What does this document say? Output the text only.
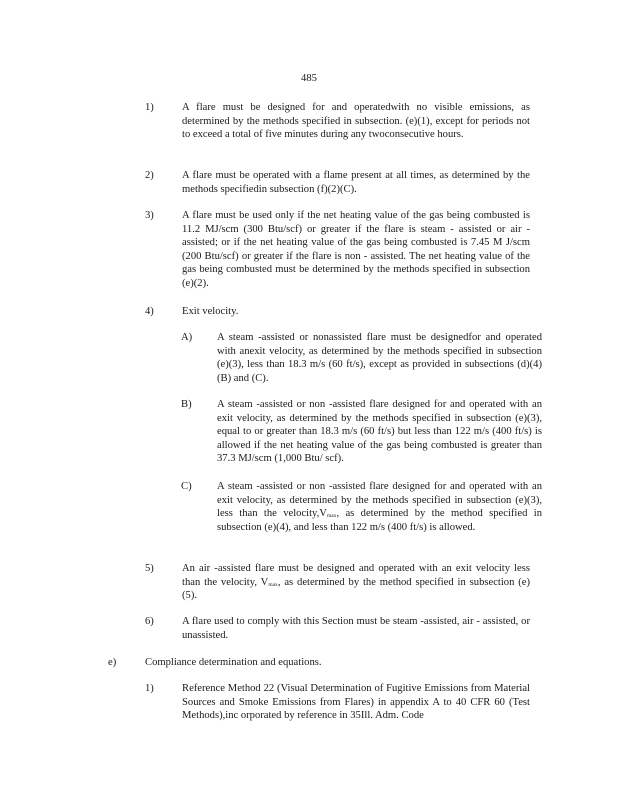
485
1)	A flare must be designed for and operatedwith no visible emissions, as determined by the methods specified in subsection. (e)(1), except for periods not to exceed a total of five minutes during any twoconsecutive hours.
2)	A flare must be operated with a flame present at all times, as determined by the methods specifiedin subsection (f)(2)(C).
3)	A flare must be used only if the net heating value of the gas being combusted is 11.2 MJ/scm (300 Btu/scf) or greater if the flare is steam - assisted or air -assisted; or if the net heating value of the gas being combusted is 7.45 M J/scm (200 Btu/scf) or greater if the flare is non - assisted. The net heating value of the gas being combusted must be determined by the methods specified in subsection (e)(2).
4)	Exit velocity.
A) A steam -assisted or nonassisted flare must be designedfor and operated with anexit velocity, as determined by the methods specified in subsection (e)(3), less than 18.3 m/s (60 ft/s), except as provided in subsections (d)(4)(B) and (C).
B) A steam -assisted or non -assisted flare designed for and operated with an exit velocity, as determined by the methods specified in subsection (e)(3), equal to or greater than 18.3 m/s (60 ft/s) but less than 122 m/s (400 ft/s) is allowed if the net heating value of the gas being combusted is greater than 37.3 MJ/scm (1,000 Btu/ scf).
C) A steam -assisted or non -assisted flare designed for and operated with an exit velocity, as determined by the methods specified in subsection (e)(3), less than the $velocity,V_{max}$, as determined by the method specified in subsection (e)(4), and less than 122 m/s (400 ft/s) is allowed.
5)	An air -assisted flare must be designed and operated with an exit velocity less than the velocity, $V_{max}$, as determined by the method specified in subsection (e)(5).
6)	A flare used to comply with this Section must be steam -assisted, air - assisted, or unassisted.
e)	Compliance determination and equations.
1)	Reference Method 22 (Visual Determination of Fugitive Emissions from Material Sources and Smoke Emissions from Flares) in appendix A to 40 CFR 60 (Test Methods),inc orporated by reference in 35Ill. Adm. Code
